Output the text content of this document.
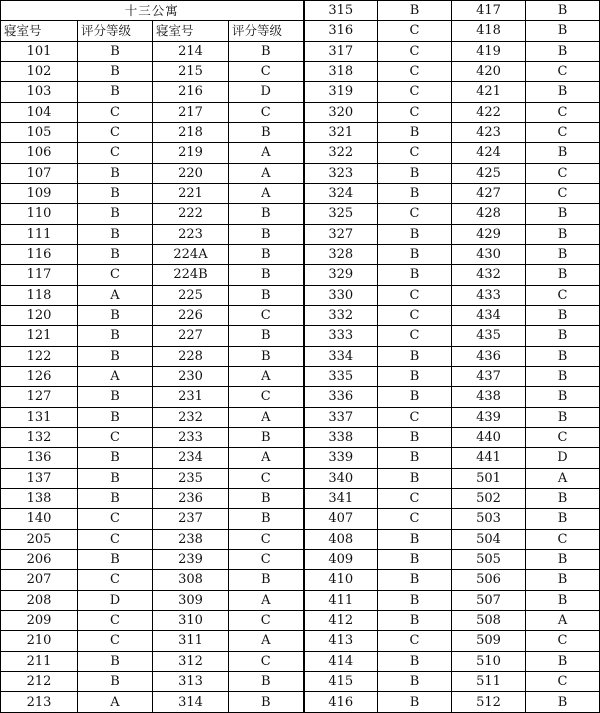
十三公寓				315	B	417	B
寝室号	评分等级	寝室号	评分等级	316	C	418	B
101	B	214	B	317	C	419	B
102	B	215	C	318	C	420	C
103	B	216	D	319	C	421	B
104	C	217	C	320	C	422	C
105	C	218	B	321	B	423	C
106	C	219	A	322	C	424	B
107	B	220	A	323	B	425	C
109	B	221	A	324	B	427	C
110	B	222	B	325	C	428	B
111	B	223	B	327	B	429	B
116	B	224A	B	328	B	430	B
117	C	224B	B	329	B	432	B
118	A	225	B	330	C	433	C
120	B	226	C	332	C	434	B
121	B	227	B	333	C	435	B
122	B	228	B	334	B	436	B
126	A	230	A	335	B	437	B
127	B	231	C	336	B	438	B
131	B	232	A	337	C	439	B
132	C	233	B	338	B	440	C
136	B	234	A	339	B	441	D
137	B	235	C	340	B	501	A
138	B	236	B	341	C	502	B
140	C	237	B	407	C	503	B
205	C	238	C	408	B	504	C
206	B	239	C	409	B	505	B
207	C	308	B	410	B	506	B
208	D	309	A	411	B	507	B
209	C	310	C	412	B	508	A
210	C	311	A	413	C	509	C
211	B	312	C	414	B	510	B
212	B	313	B	415	B	511	C
213	A	314	B	416	B	512	B
